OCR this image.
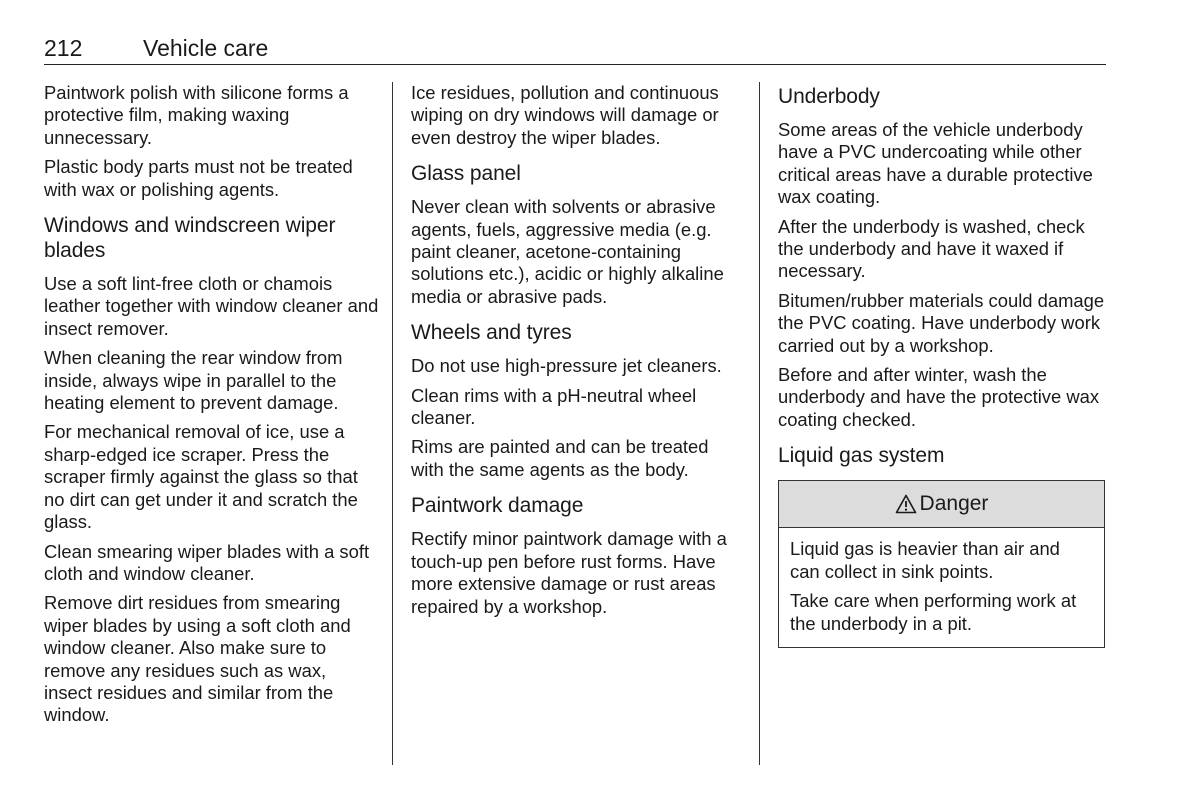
212	Vehicle care

Paintwork polish with silicone forms a protective film, making waxing unnecessary.

Plastic body parts must not be treated with wax or polishing agents.

Windows and windscreen wiper blades

Use a soft lint-free cloth or chamois leather together with window cleaner and insect remover.

When cleaning the rear window from inside, always wipe in parallel to the heating element to prevent damage.

For mechanical removal of ice, use a sharp-edged ice scraper. Press the scraper firmly against the glass so that no dirt can get under it and scratch the glass.

Clean smearing wiper blades with a soft cloth and window cleaner.

Remove dirt residues from smearing wiper blades by using a soft cloth and window cleaner. Also make sure to remove any residues such as wax, insect residues and similar from the window.

Ice residues, pollution and continuous wiping on dry windows will damage or even destroy the wiper blades.

Glass panel

Never clean with solvents or abrasive agents, fuels, aggressive media (e.g. paint cleaner, acetone-containing solutions etc.), acidic or highly alkaline media or abrasive pads.

Wheels and tyres

Do not use high-pressure jet cleaners.

Clean rims with a pH-neutral wheel cleaner.

Rims are painted and can be treated with the same agents as the body.

Paintwork damage

Rectify minor paintwork damage with a touch-up pen before rust forms. Have more extensive damage or rust areas repaired by a workshop.

Underbody

Some areas of the vehicle underbody have a PVC undercoating while other critical areas have a durable protective wax coating.

After the underbody is washed, check the underbody and have it waxed if necessary.

Bitumen/rubber materials could damage the PVC coating. Have underbody work carried out by a workshop.

Before and after winter, wash the underbody and have the protective wax coating checked.

Liquid gas system
Danger

Liquid gas is heavier than air and can collect in sink points.

Take care when performing work at the underbody in a pit.
